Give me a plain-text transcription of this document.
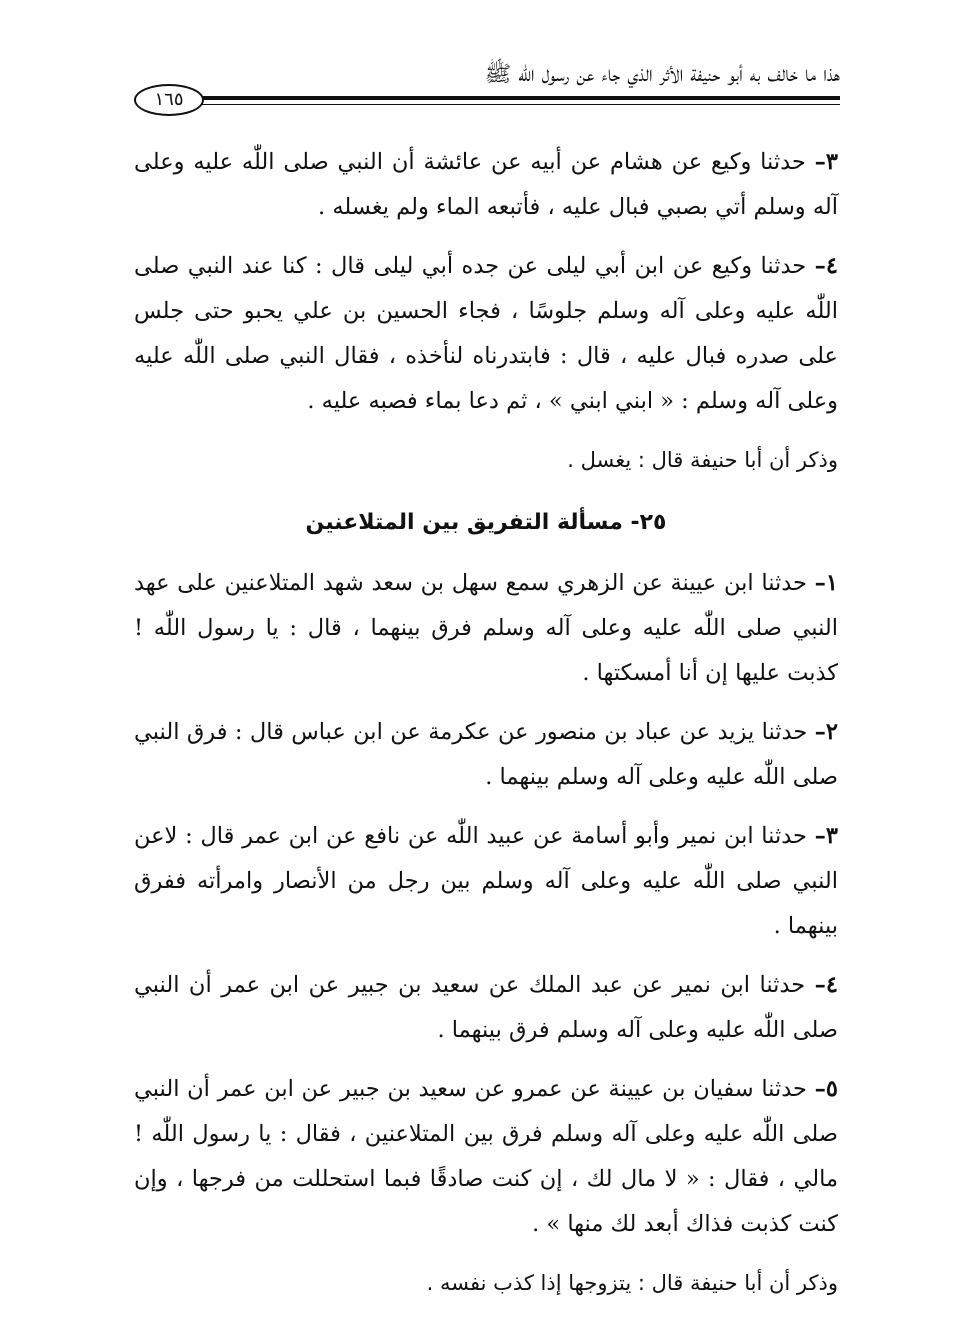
هذا ما خالف به أبو حنيفة الأثر الذي جاء عن رسول اللّٰه ﷺ
١٦٥

٣– حدثنا وكيع عن هشام عن أبيه عن عائشة أن النبي صلى اللّٰه عليه وعلى آله وسلم أتي بصبي فبال عليه ، فأتبعه الماء ولم يغسله .

٤– حدثنا وكيع عن ابن أبي ليلى عن جده أبي ليلى قال : كنا عند النبي صلى اللّٰه عليه وعلى آله وسلم جلوسًا ، فجاء الحسين بن علي يحبو حتى جلس على صدره فبال عليه ، قال : فابتدرناه لنأخذه ، فقال النبي صلى اللّٰه عليه وعلى آله وسلم : « ابني ابني » ، ثم دعا بماء فصبه عليه .

وذكر أن أبا حنيفة قال : يغسل .

٢٥- مسألة التفريق بين المتلاعنين

١– حدثنا ابن عيينة عن الزهري سمع سهل بن سعد شهد المتلاعنين على عهد النبي صلى اللّٰه عليه وعلى آله وسلم فرق بينهما ، قال : يا رسول اللّٰه ! كذبت عليها إن أنا أمسكتها .

٢– حدثنا يزيد عن عباد بن منصور عن عكرمة عن ابن عباس قال : فرق النبي صلى اللّٰه عليه وعلى آله وسلم بينهما .

٣– حدثنا ابن نمير وأبو أسامة عن عبيد اللّٰه عن نافع عن ابن عمر قال : لاعن النبي صلى اللّٰه عليه وعلى آله وسلم بين رجل من الأنصار وامرأته ففرق بينهما .

٤– حدثنا ابن نمير عن عبد الملك عن سعيد بن جبير عن ابن عمر أن النبي صلى اللّٰه عليه وعلى آله وسلم فرق بينهما .

٥– حدثنا سفيان بن عيينة عن عمرو عن سعيد بن جبير عن ابن عمر أن النبي صلى اللّٰه عليه وعلى آله وسلم فرق بين المتلاعنين ، فقال : يا رسول اللّٰه ! مالي ، فقال : « لا مال لك ، إن كنت صادقًا فبما استحللت من فرجها ، وإن كنت كذبت فذاك أبعد لك منها » .

وذكر أن أبا حنيفة قال : يتزوجها إذا كذب نفسه .
